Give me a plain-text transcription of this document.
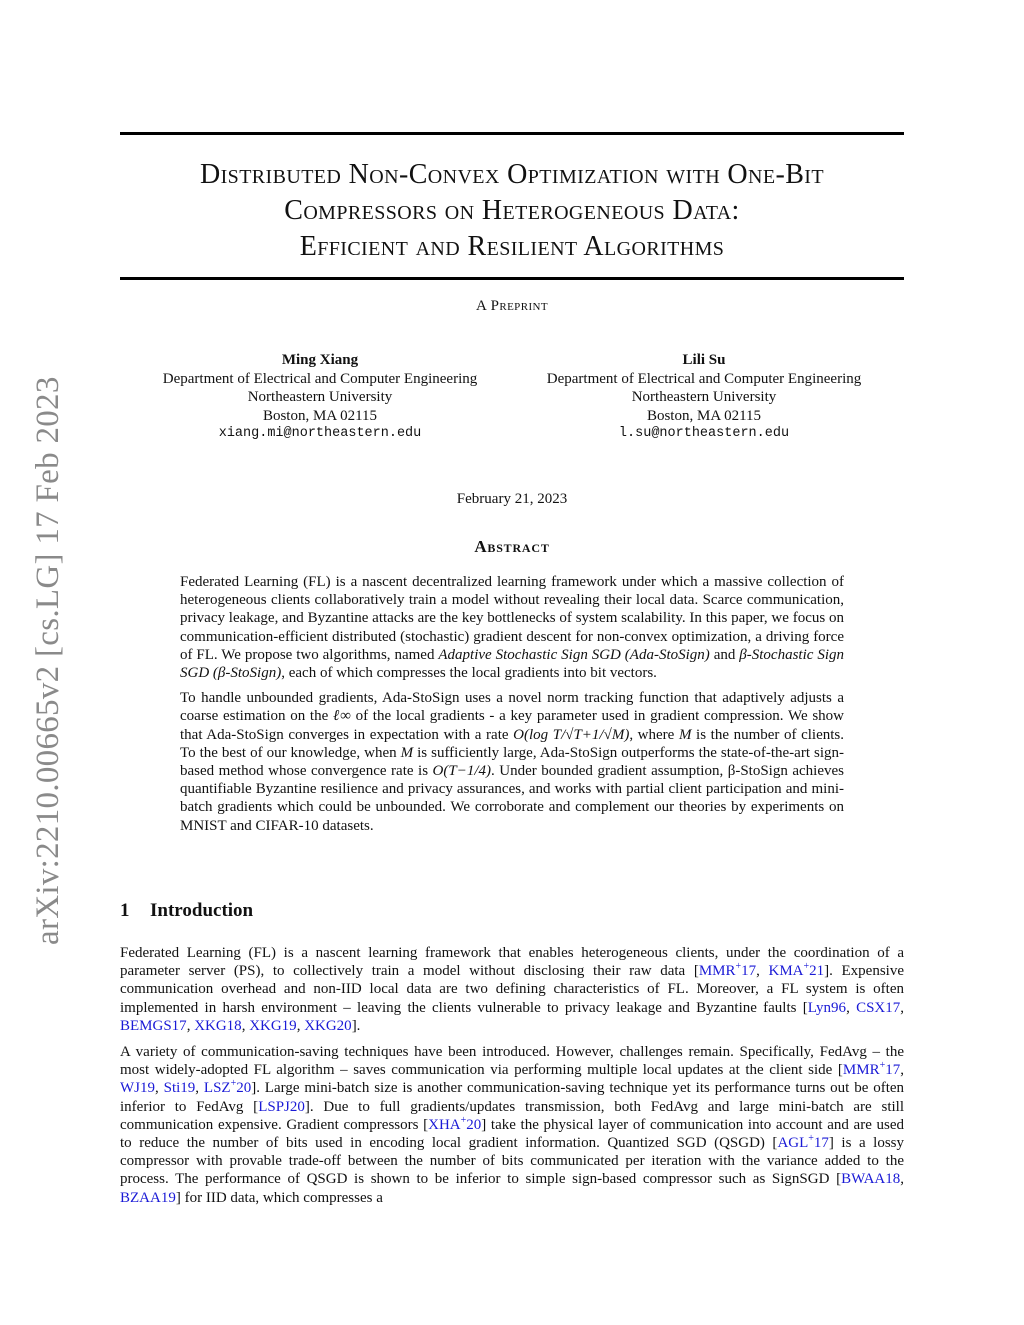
arXiv:2210.00665v2 [cs.LG] 17 Feb 2023
Distributed Non-Convex Optimization with One-Bit
Compressors on Heterogeneous Data:
Efficient and Resilient Algorithms
A Preprint
Ming Xiang
Department of Electrical and Computer Engineering
Northeastern University
Boston, MA 02115
xiang.mi@northeastern.edu
Lili Su
Department of Electrical and Computer Engineering
Northeastern University
Boston, MA 02115
l.su@northeastern.edu
February 21, 2023
Abstract

Federated Learning (FL) is a nascent decentralized learning framework under which a massive collection of heterogeneous clients collaboratively train a model without revealing their local data. Scarce communication, privacy leakage, and Byzantine attacks are the key bottlenecks of system scalability. In this paper, we focus on communication-efficient distributed (stochastic) gradient descent for non-convex optimization, a driving force of FL. We propose two algorithms, named Adaptive Stochastic Sign SGD (Ada-StoSign) and β-Stochastic Sign SGD (β-StoSign), each of which compresses the local gradients into bit vectors.

To handle unbounded gradients, Ada-StoSign uses a novel norm tracking function that adaptively adjusts a coarse estimation on the ℓ∞ of the local gradients - a key parameter used in gradient compression. We show that Ada-StoSign converges in expectation with a rate O(log T/√T+1/√M), where M is the number of clients. To the best of our knowledge, when M is sufficiently large, Ada-StoSign outperforms the state-of-the-art sign-based method whose convergence rate is O(T−1/4). Under bounded gradient assumption, β-StoSign achieves quantifiable Byzantine resilience and privacy assurances, and works with partial client participation and mini-batch gradients which could be unbounded. We corroborate and complement our theories by experiments on MNIST and CIFAR-10 datasets.

1 Introduction

Federated Learning (FL) is a nascent learning framework that enables heterogeneous clients, under the coordination of a parameter server (PS), to collectively train a model without disclosing their raw data [MMR+17, KMA+21]. Expensive communication overhead and non-IID local data are two defining characteristics of FL. Moreover, a FL system is often implemented in harsh environment – leaving the clients vulnerable to privacy leakage and Byzantine faults [Lyn96, CSX17, BEMGS17, XKG18, XKG19, XKG20].

A variety of communication-saving techniques have been introduced. However, challenges remain. Specifically, FedAvg – the most widely-adopted FL algorithm – saves communication via performing multiple local updates at the client side [MMR+17, WJ19, Sti19, LSZ+20]. Large mini-batch size is another communication-saving technique yet its performance turns out be often inferior to FedAvg [LSPJ20]. Due to full gradients/updates transmission, both FedAvg and large mini-batch are still communication expensive. Gradient compressors [XHA+20] take the physical layer of communication into account and are used to reduce the number of bits used in encoding local gradient information. Quantized SGD (QSGD) [AGL+17] is a lossy compressor with provable trade-off between the number of bits communicated per iteration with the variance added to the process. The performance of QSGD is shown to be inferior to simple sign-based compressor such as SignSGD [BWAA18, BZAA19] for IID data, which compresses a
